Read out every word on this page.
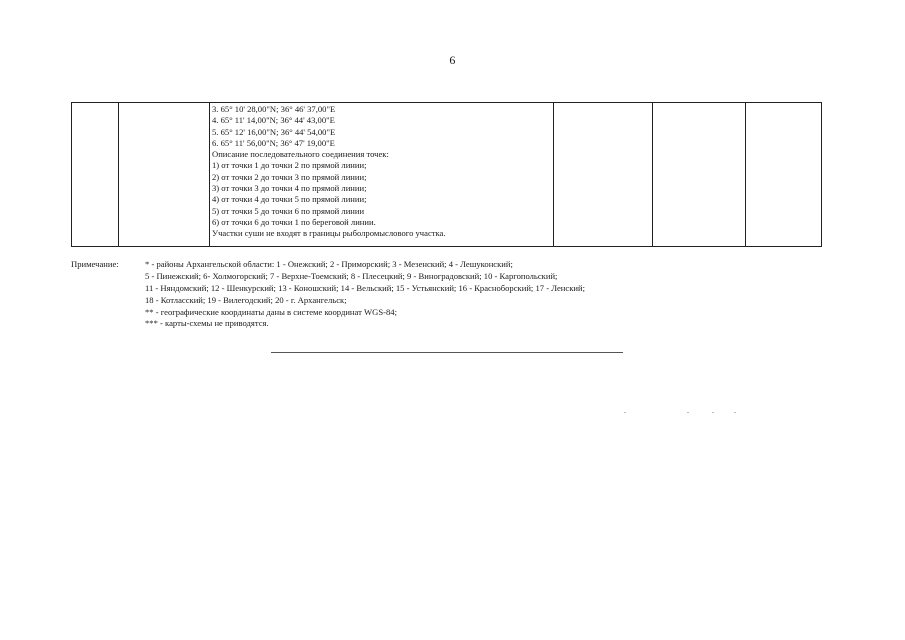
6
3. 65° 10' 28,00"N; 36° 46' 37,00"E
4. 65° 11' 14,00"N; 36° 44' 43,00"E
5. 65° 12' 16,00"N; 36° 44' 54,00"E
6. 65° 11' 56,00"N; 36° 47' 19,00"E
Описание последовательного соединения точек:
1) от точки 1 до точки 2 по прямой линии;
2) от точки 2 до точки 3 по прямой линии;
3) от точки 3 до точки 4 по прямой линии;
4) от точки 4 до точки 5 по прямой линии;
5) от точки 5 до точки 6 по прямой линии
6) от точки 6 до точки 1 по береговой линии.
Участки суши не входят в границы рыболромыслового участка.
Примечание:	* - районы Архангельской области: 1 - Онежский; 2 - Приморский; 3 - Мезенский; 4 - Лешуконский;
5 - Пинежский; 6- Холмогорский; 7 - Верхне-Тоемский; 8 - Плесецкий; 9 - Виноградовский; 10 - Каргопольский;
11 - Няндомский; 12 - Шенкурский; 13 - Коношский; 14 - Вельский; 15 - Устьянский; 16 - Красноборский; 17 - Ленский;
18 - Котласский; 19 - Вилегодский; 20 - г. Архангельск;
** - географические координаты даны в системе координат WGS-84;
*** - карты-схемы не приводятся.
